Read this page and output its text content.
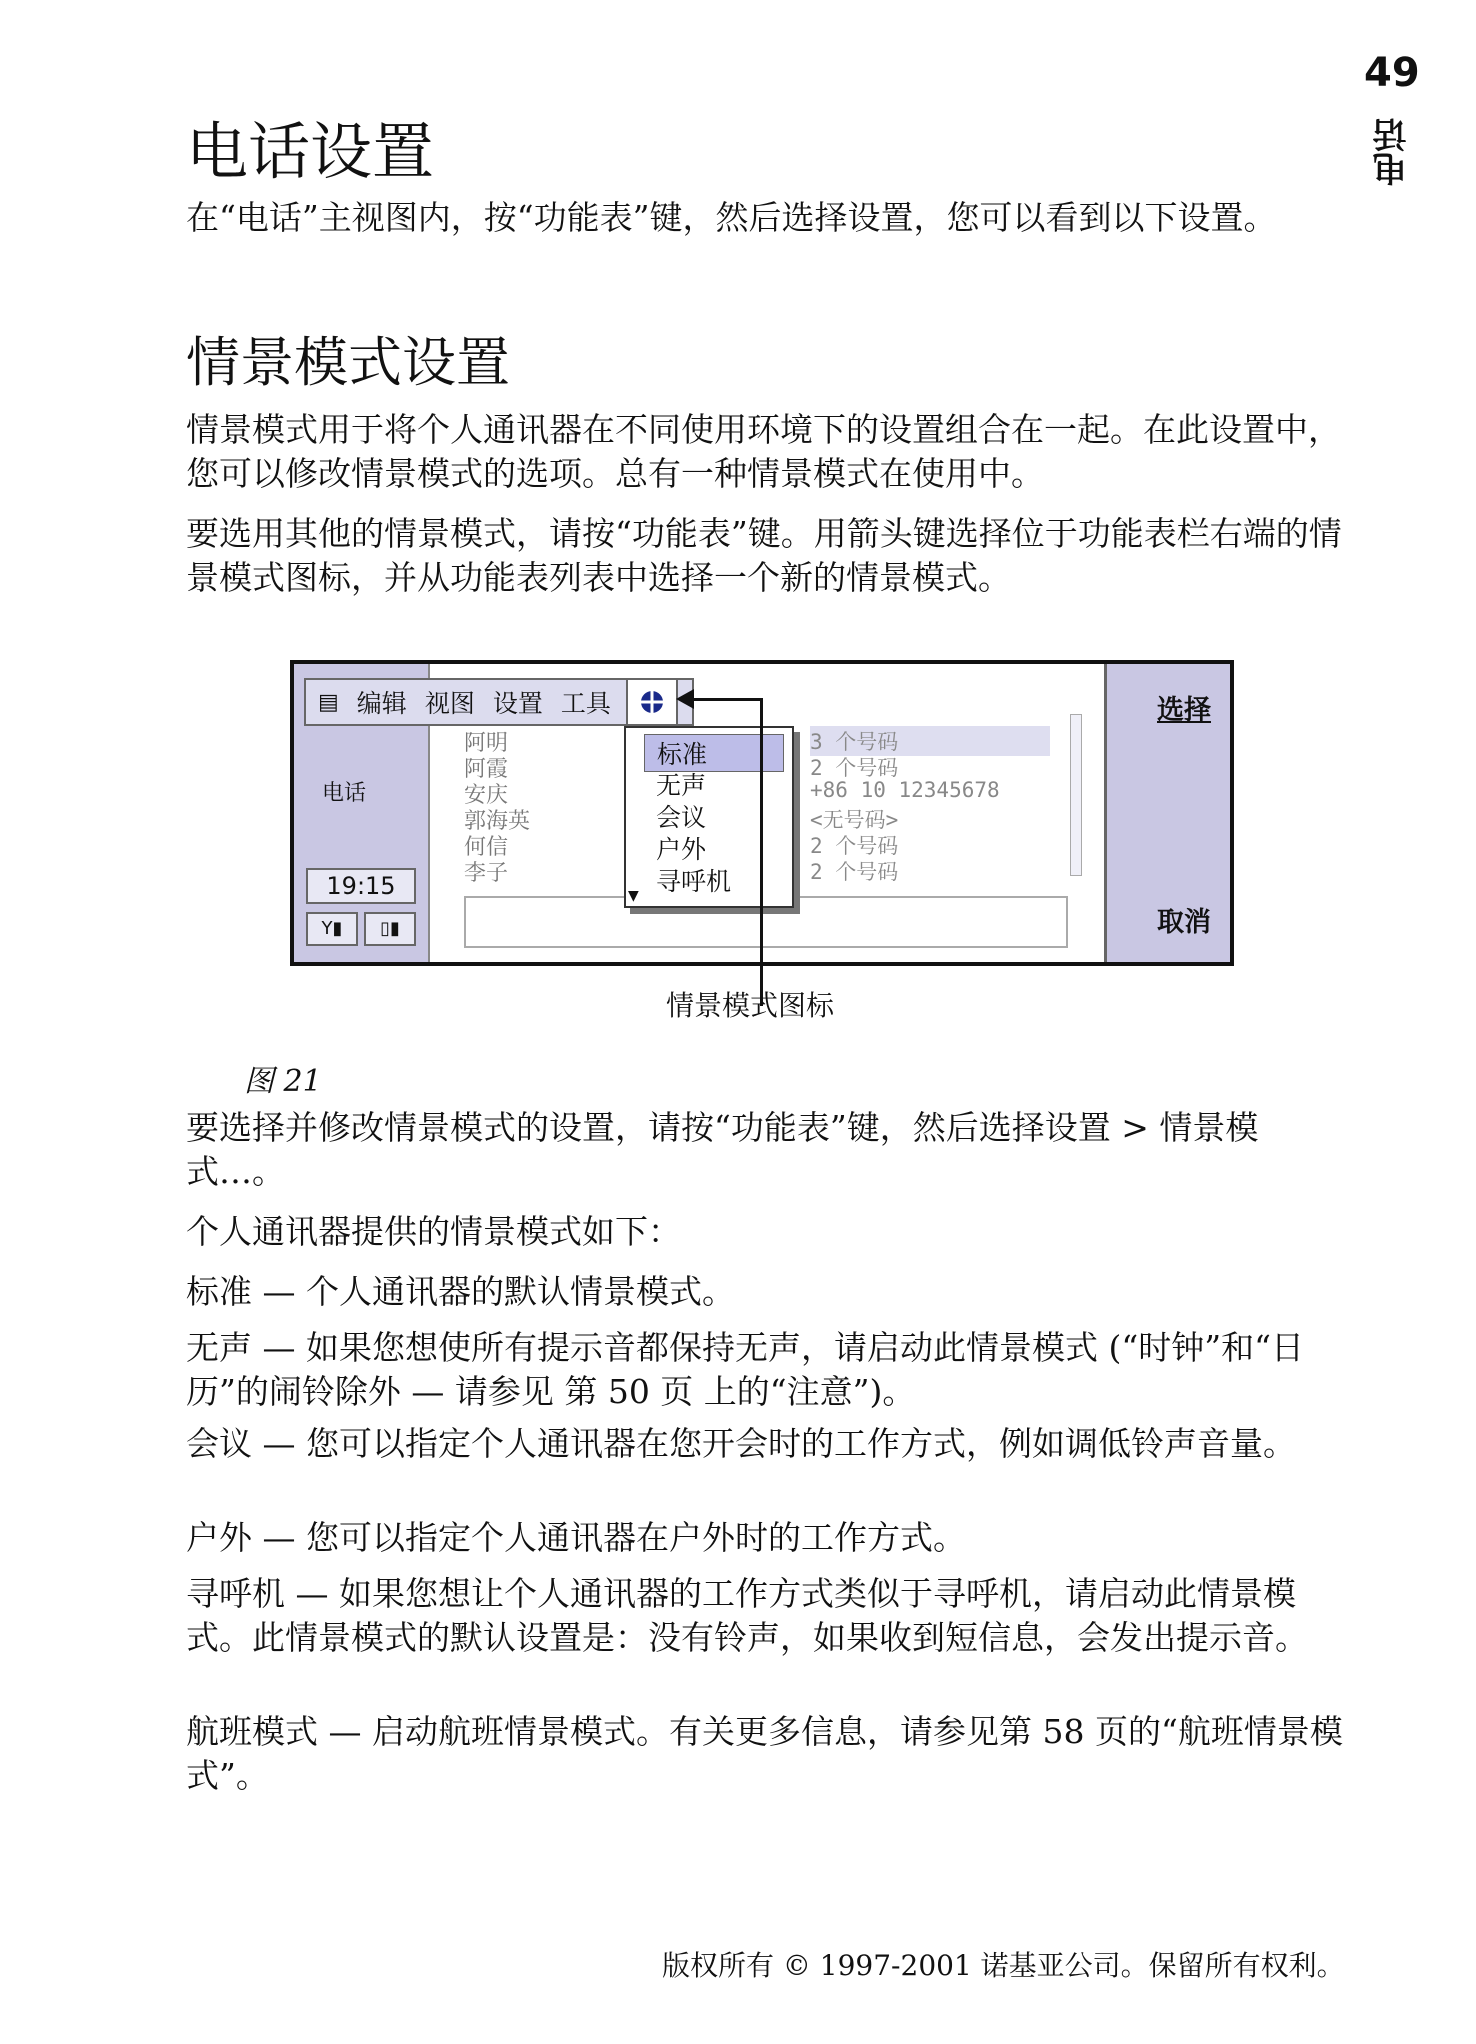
49
电话
电话设置

在“电话”主视图内，按“功能表”键，然后选择设置，您可以看到以下设置。

情景模式设置

情景模式用于将个人通讯器在不同使用环境下的设置组合在一起。在此设置中，您可以修改情景模式的选项。总有一种情景模式在使用中。

要选用其他的情景模式，请按“功能表”键。用箭头键选择位于功能表栏右端的情景模式图标，并从功能表列表中选择一个新的情景模式。

电话
19:15
Y▮	▯▮
阿明
阿霞
安庆
郭海英
何信
李子
3 个号码
2 个号码
+86 10 12345678
<无号码>
2 个号码
2 个号码
▤ 编辑 视图 设置 工具
标准
无声
会议
户外
寻呼机
▼
选择
取消
情景模式图标
图 21

要选择并修改情景模式的设置，请按“功能表”键，然后选择设置 > 情景模式…。

个人通讯器提供的情景模式如下：

标准 — 个人通讯器的默认情景模式。

无声 — 如果您想使所有提示音都保持无声，请启动此情景模式 (“时钟”和“日历”的闹铃除外 — 请参见 第 50 页 上的“注意”)。

会议 — 您可以指定个人通讯器在您开会时的工作方式，例如调低铃声音量。

户外 — 您可以指定个人通讯器在户外时的工作方式。

寻呼机 — 如果您想让个人通讯器的工作方式类似于寻呼机，请启动此情景模式。此情景模式的默认设置是：没有铃声，如果收到短信息，会发出提示音。

航班模式 — 启动航班情景模式。有关更多信息，请参见第 58 页的“航班情景模式”。

版权所有 © 1997-2001 诺基亚公司。保留所有权利。
